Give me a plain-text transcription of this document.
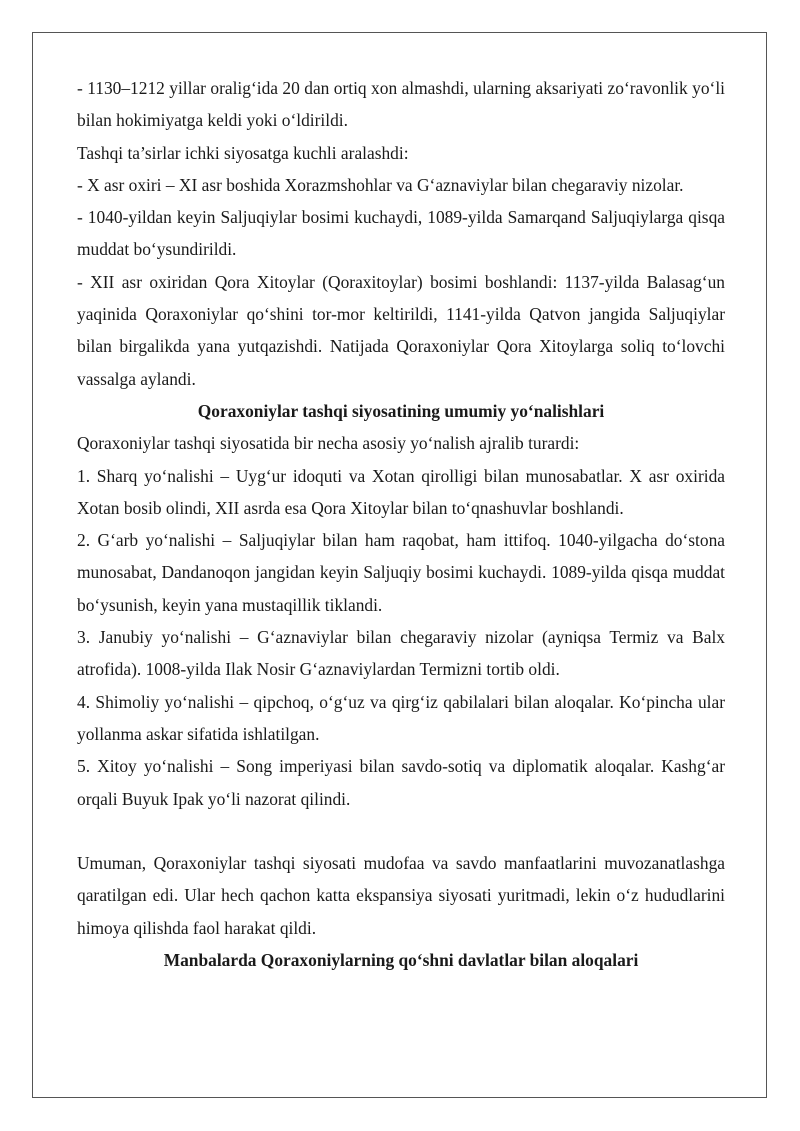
- 1130–1212 yillar oralig‘ida 20 dan ortiq xon almashdi, ularning aksariyati zo‘ravonlik yo‘li bilan hokimiyatga keldi yoki o‘ldirildi.

Tashqi ta’sirlar ichki siyosatga kuchli aralashdi:

- X asr oxiri – XI asr boshida Xorazmshohlar va G‘aznaviylar bilan chegaraviy nizolar.

- 1040-yildan keyin Saljuqiylar bosimi kuchaydi, 1089-yilda Samarqand Saljuqiylarga qisqa muddat bo‘ysundirildi.

- XII asr oxiridan Qora Xitoylar (Qoraxitoylar) bosimi boshlandi: 1137-yilda Balasag‘un yaqinida Qoraxoniylar qo‘shini tor-mor keltirildi, 1141-yilda Qatvon jangida Saljuqiylar bilan birgalikda yana yutqazishdi. Natijada Qoraxoniylar Qora Xitoylarga soliq to‘lovchi vassalga aylandi.

Qoraxoniylar tashqi siyosatining umumiy yo‘nalishlari

Qoraxoniylar tashqi siyosatida bir necha asosiy yo‘nalish ajralib turardi:

1. Sharq yo‘nalishi – Uyg‘ur idoquti va Xotan qirolligi bilan munosabatlar. X asr oxirida Xotan bosib olindi, XII asrda esa Qora Xitoylar bilan to‘qnashuvlar boshlandi.

2. G‘arb yo‘nalishi – Saljuqiylar bilan ham raqobat, ham ittifoq. 1040-yilgacha do‘stona munosabat, Dandanoqon jangidan keyin Saljuqiy bosimi kuchaydi. 1089-yilda qisqa muddat bo‘ysunish, keyin yana mustaqillik tiklandi.

3. Janubiy yo‘nalishi – G‘aznaviylar bilan chegaraviy nizolar (ayniqsa Termiz va Balx atrofida). 1008-yilda Ilak Nosir G‘aznaviylardan Termizni tortib oldi.

4. Shimoliy yo‘nalishi – qipchoq, o‘g‘uz va qirg‘iz qabilalari bilan aloqalar. Ko‘pincha ular yollanma askar sifatida ishlatilgan.

5. Xitoy yo‘nalishi – Song imperiyasi bilan savdo-sotiq va diplomatik aloqalar. Kashg‘ar orqali Buyuk Ipak yo‘li nazorat qilindi.

Umuman, Qoraxoniylar tashqi siyosati mudofaa va savdo manfaatlarini muvozanatlashga qaratilgan edi. Ular hech qachon katta ekspansiya siyosati yuritmadi, lekin o‘z hududlarini himoya qilishda faol harakat qildi.

Manbalarda Qoraxoniylarning qo‘shni davlatlar bilan aloqalari
